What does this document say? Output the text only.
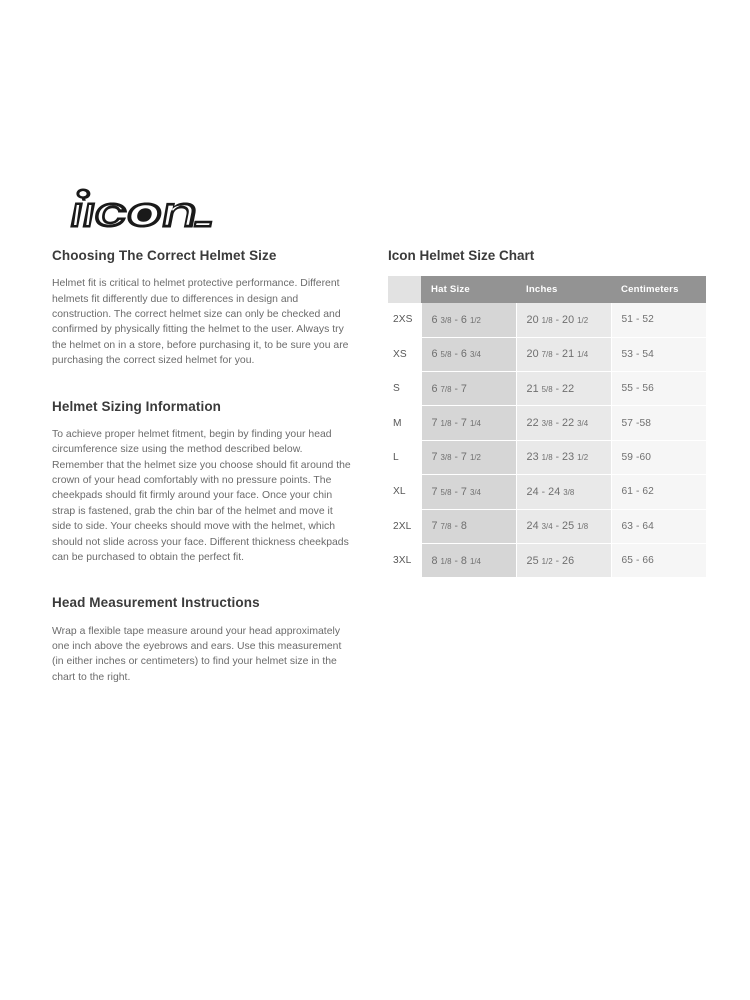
Choosing The Correct Helmet Size

Helmet fit is critical to helmet protective performance. Different helmets fit differently due to differences in design and construction. The correct helmet size can only be checked and confirmed by physically fitting the helmet to the user. Always try the helmet on in a store, before purchasing it, to be sure you are purchasing the correct sized helmet for you.

Helmet Sizing Information

To achieve proper helmet fitment, begin by finding your head circumference size using the method described below. Remember that the helmet size you choose should fit around the crown of your head comfortably with no pressure points. The cheekpads should fit firmly around your face. Once your chin strap is fastened, grab the chin bar of the helmet and move it side to side. Your cheeks should move with the helmet, which should not slide across your face. Different thickness cheekpads can be purchased to obtain the perfect fit.

Head Measurement Instructions

Wrap a flexible tape measure around your head approximately one inch above the eyebrows and ears. Use this measurement (in either inches or centimeters) to find your helmet size in the chart to the right.

Icon Helmet Size Chart
	Hat Size	Inches	Centimeters
2XS	6 3/8 - 6 1/2	20 1/8 - 20 1/2	51 - 52
XS	6 5/8 - 6 3/4	20 7/8 - 21 1/4	53 - 54
S	6 7/8 - 7	21 5/8 - 22	55 - 56
M	7 1/8 - 7 1/4	22 3/8 - 22 3/4	57 -58
L	7 3/8 - 7 1/2	23 1/8 - 23 1/2	59 -60
XL	7 5/8 - 7 3/4	24 - 24 3/8	61 - 62
2XL	7 7/8 - 8	24 3/4 - 25 1/8	63 - 64
3XL	8 1/8 - 8 1/4	25 1/2 - 26	65 - 66
